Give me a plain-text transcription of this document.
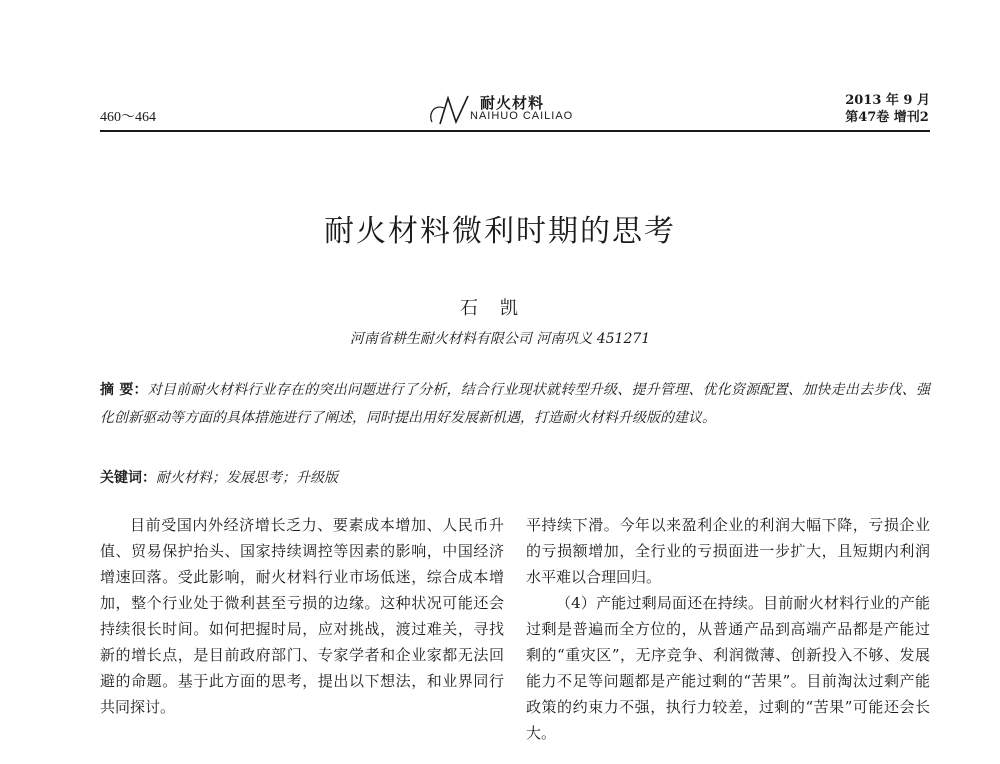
460～464
耐火材料
NAIHUO CAILIAO
2013 年 9 月
第47卷 增刊2
耐火材料微利时期的思考
石凯
河南省耕生耐火材料有限公司 河南巩义 451271
摘 要：对目前耐火材料行业存在的突出问题进行了分析，结合行业现状就转型升级、提升管理、优化资源配置、加快走出去步伐、强化创新驱动等方面的具体措施进行了阐述，同时提出用好发展新机遇，打造耐火材料升级版的建议。
关键词：耐火材料；发展思考；升级版

目前受国内外经济增长乏力、要素成本增加、人民币升值、贸易保护抬头、国家持续调控等因素的影响，中国经济增速回落。受此影响，耐火材料行业市场低迷，综合成本增加，整个行业处于微利甚至亏损的边缘。这种状况可能还会持续很长时间。如何把握时局，应对挑战，渡过难关，寻找新的增长点，是目前政府部门、专家学者和企业家都无法回避的命题。基于此方面的思考，提出以下想法，和业界同行共同探讨。

平持续下滑。今年以来盈利企业的利润大幅下降，亏损企业的亏损额增加，全行业的亏损面进一步扩大，且短期内利润水平难以合理回归。

（4）产能过剩局面还在持续。目前耐火材料行业的产能过剩是普遍而全方位的，从普通产品到高端产品都是产能过剩的“重灾区”，无序竞争、利润微薄、创新投入不够、发展能力不足等问题都是产能过剩的“苦果”。目前淘汰过剩产能政策的约束力不强，执行力较差，过剩的“苦果”可能还会长大。
